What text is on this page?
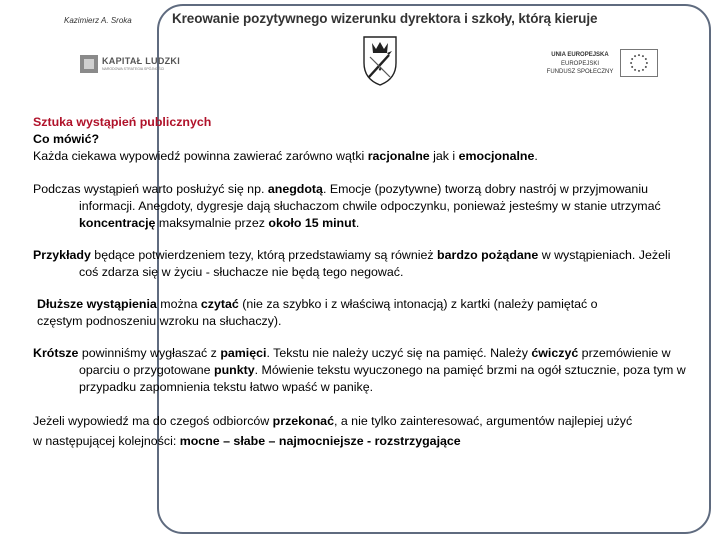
Kazimierz A. Sroka	Kreowanie pozytywnego wizerunku dyrektora i szkoły, którą kieruje
KAPITAŁ LUDZKI
NARODOWA STRATEGIA SPÓJNOŚCI	♦
UNIA EUROPEJSKA
EUROPEJSKI
FUNDUSZ SPOŁECZNY
Sztuka wystąpień publicznych
Co mówić?

Każda ciekawa wypowiedź powinna zawierać zarówno wątki racjonalne jak i emocjonalne.

Podczas wystąpień warto posłużyć się np. anegdotą. Emocje (pozytywne) tworzą dobry nastrój w przyjmowaniu informacji. Anegdoty, dygresje dają słuchaczom chwile odpoczynku, ponieważ jesteśmy w stanie utrzymać koncentrację maksymalnie przez około 15 minut.

Przykłady będące potwierdzeniem tezy, którą przedstawiamy są również bardzo pożądane w wystąpieniach. Jeżeli coś zdarza się w życiu - słuchacze nie będą tego negować.

Dłuższe wystąpienia można czytać (nie za szybko i z właściwą intonacją) z kartki (należy pamiętać o częstym podnoszeniu wzroku na słuchaczy).

Krótsze powinniśmy wygłaszać z pamięci. Tekstu nie należy uczyć się na pamięć. Należy ćwiczyć przemówienie w oparciu o przygotowane punkty. Mówienie tekstu wyuczonego na pamięć brzmi na ogół sztucznie, poza tym w przypadku zapomnienia tekstu łatwo wpaść w panikę.

Jeżeli wypowiedź ma do czegoś odbiorców przekonać, a nie tylko zainteresować, argumentów najlepiej użyć w następującej kolejności: mocne – słabe – najmocniejsze - rozstrzygające
